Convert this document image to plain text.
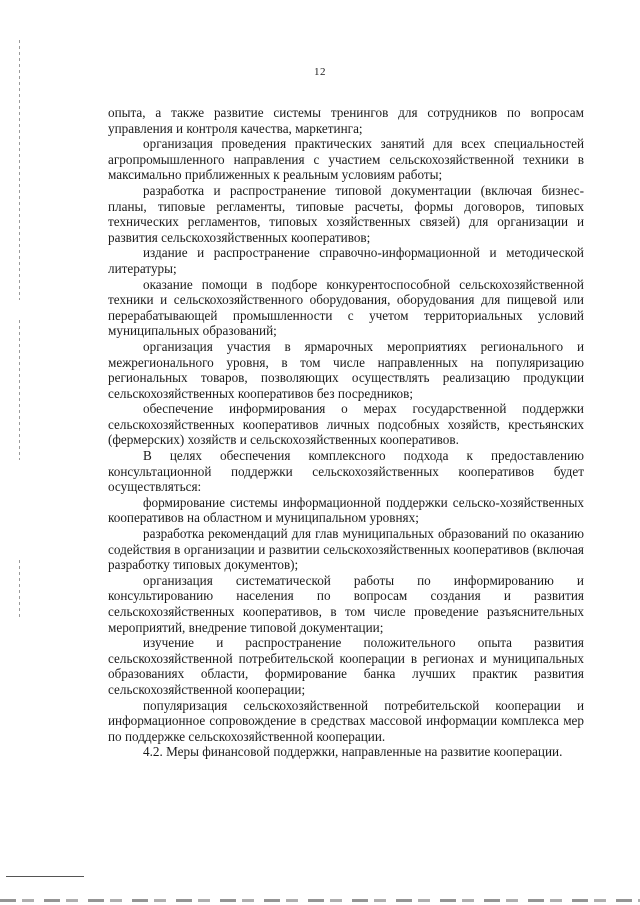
12

опыта, а также развитие системы тренингов для сотрудников по вопросам управления и контроля качества, маркетинга;

организация проведения практических занятий для всех специальностей агропромышленного направления с участием сельскохозяйственной техники в максимально приближенных к реальным условиям работы;

разработка и распространение типовой документации (включая бизнес-планы, типовые регламенты, типовые расчеты, формы договоров, типовых технических регламентов, типовых хозяйственных связей) для организации и развития сельскохозяйственных кооперативов;

издание и распространение справочно-информационной и методической литературы;

оказание помощи в подборе конкурентоспособной сельскохозяйственной техники и сельскохозяйственного оборудования, оборудования для пищевой или перерабатывающей промышленности с учетом территориальных условий муниципальных образований;

организация участия в ярмарочных мероприятиях регионального и межрегионального уровня, в том числе направленных на популяризацию региональных товаров, позволяющих осуществлять реализацию продукции сельскохозяйственных кооперативов без посредников;

обеспечение информирования о мерах государственной поддержки сельскохозяйственных кооперативов личных подсобных хозяйств, крестьянских (фермерских) хозяйств и сельскохозяйственных кооперативов.

В целях обеспечения комплексного подхода к предоставлению консультационной поддержки сельскохозяйственных кооперативов будет осуществляться:

формирование системы информационной поддержки сельско-хозяйственных кооперативов на областном и муниципальном уровнях;

разработка рекомендаций для глав муниципальных образований по оказанию содействия в организации и развитии сельскохозяйственных кооперативов (включая разработку типовых документов);

организация систематической работы по информированию и консультированию населения по вопросам создания и развития сельскохозяйственных кооперативов, в том числе проведение разъяснительных мероприятий, внедрение типовой документации;

изучение и распространение положительного опыта развития сельскохозяйственной потребительской кооперации в регионах и муниципальных образованиях области, формирование банка лучших практик развития сельскохозяйственной кооперации;

популяризация сельскохозяйственной потребительской кооперации и информационное сопровождение в средствах массовой информации комплекса мер по поддержке сельскохозяйственной кооперации.

4.2. Меры финансовой поддержки, направленные на развитие кооперации.
